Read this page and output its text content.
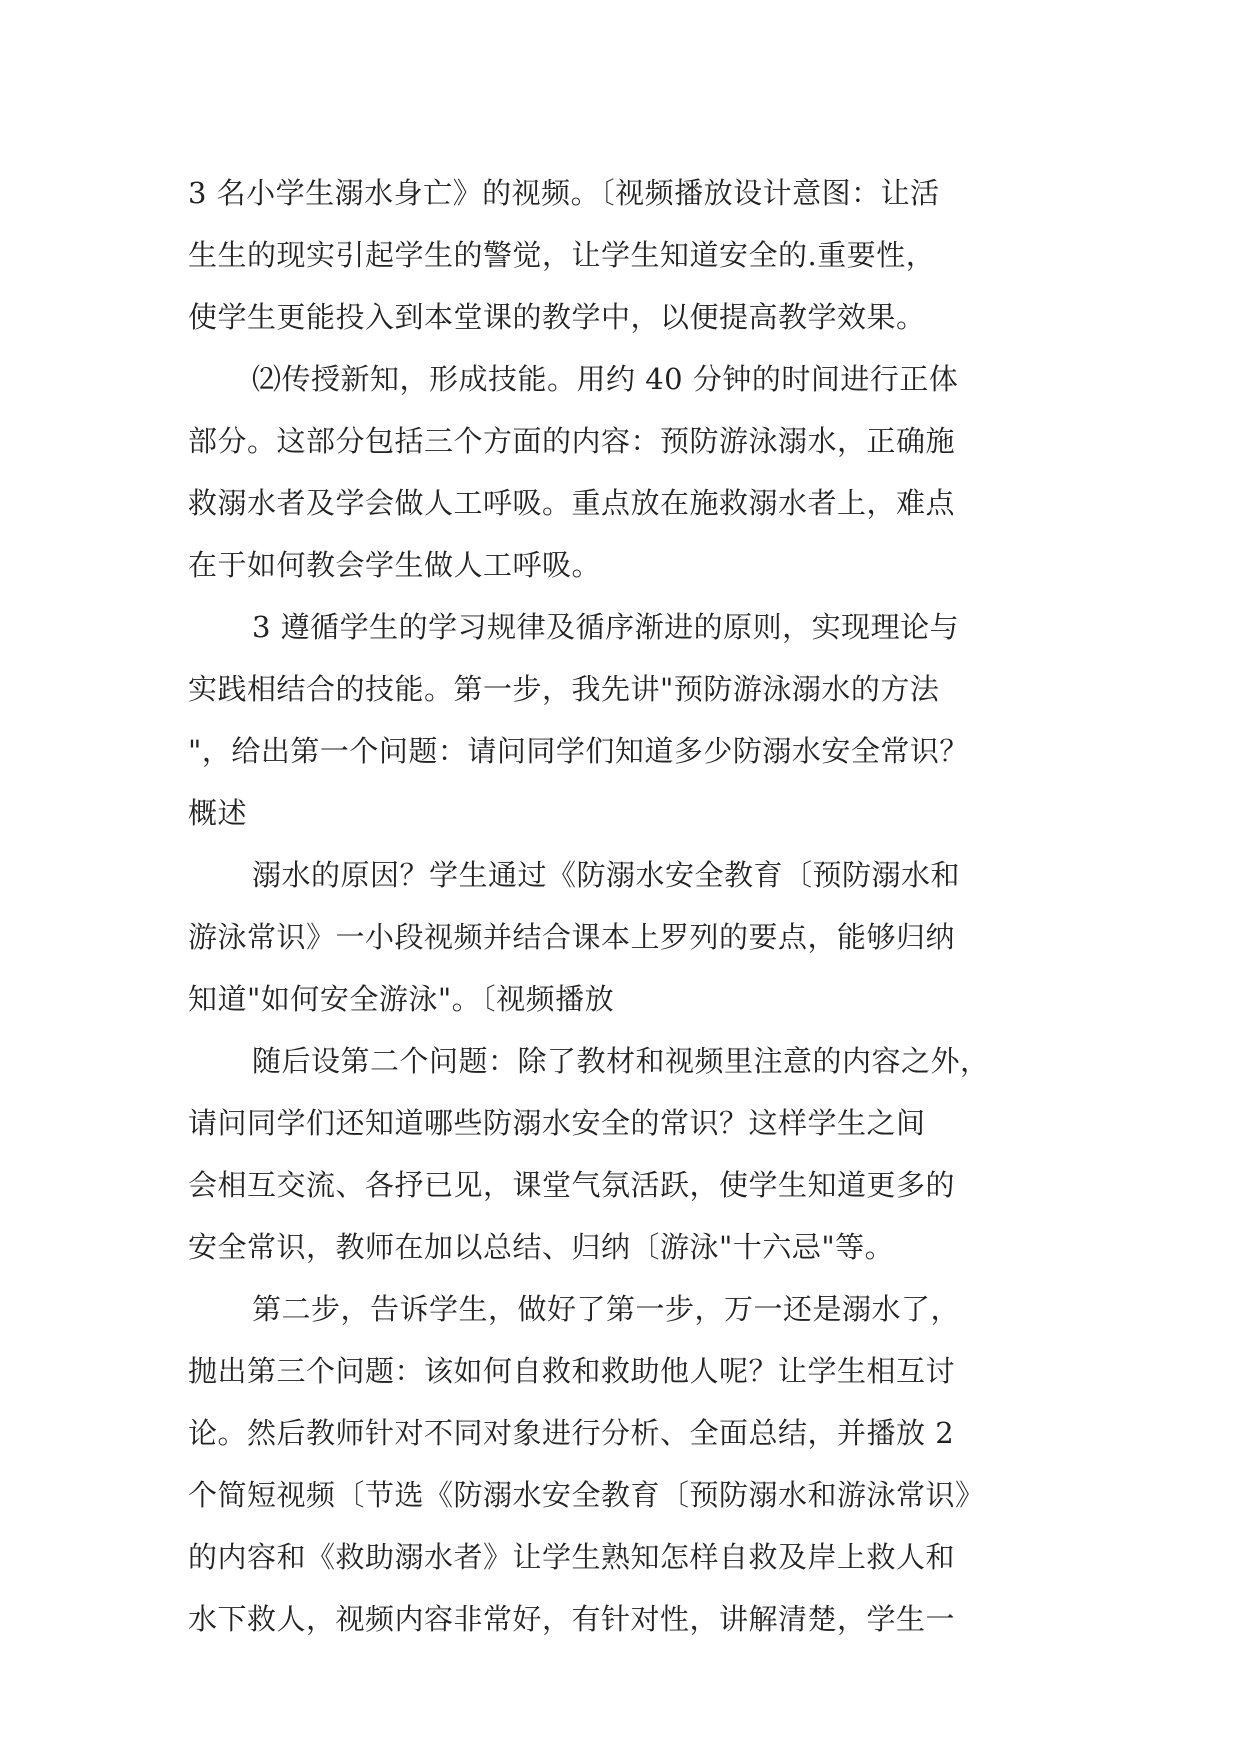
3 名小学生溺水身亡》的视频。〔视频播放设计意图：让活
生生的现实引起学生的警觉，让学生知道安全的.重要性，
使学生更能投入到本堂课的教学中，以便提高教学效果。
⑵传授新知，形成技能。用约 40 分钟的时间进行正体
部分。这部分包括三个方面的内容：预防游泳溺水，正确施
救溺水者及学会做人工呼吸。重点放在施救溺水者上，难点
在于如何教会学生做人工呼吸。
3 遵循学生的学习规律及循序渐进的原则，实现理论与
实践相结合的技能。第一步，我先讲"预防游泳溺水的方法
"，给出第一个问题：请问同学们知道多少防溺水安全常识？
概述
溺水的原因？学生通过《防溺水安全教育〔预防溺水和
游泳常识》一小段视频并结合课本上罗列的要点，能够归纳
知道"如何安全游泳"。〔视频播放
随后设第二个问题：除了教材和视频里注意的内容之外，
请问同学们还知道哪些防溺水安全的常识？这样学生之间
会相互交流、各抒已见，课堂气氛活跃，使学生知道更多的
安全常识，教师在加以总结、归纳〔游泳"十六忌"等。
第二步，告诉学生，做好了第一步，万一还是溺水了，
抛出第三个问题：该如何自救和救助他人呢？让学生相互讨
论。然后教师针对不同对象进行分析、全面总结，并播放 2
个简短视频〔节选《防溺水安全教育〔预防溺水和游泳常识》
的内容和《救助溺水者》让学生熟知怎样自救及岸上救人和
水下救人，视频内容非常好，有针对性，讲解清楚，学生一
